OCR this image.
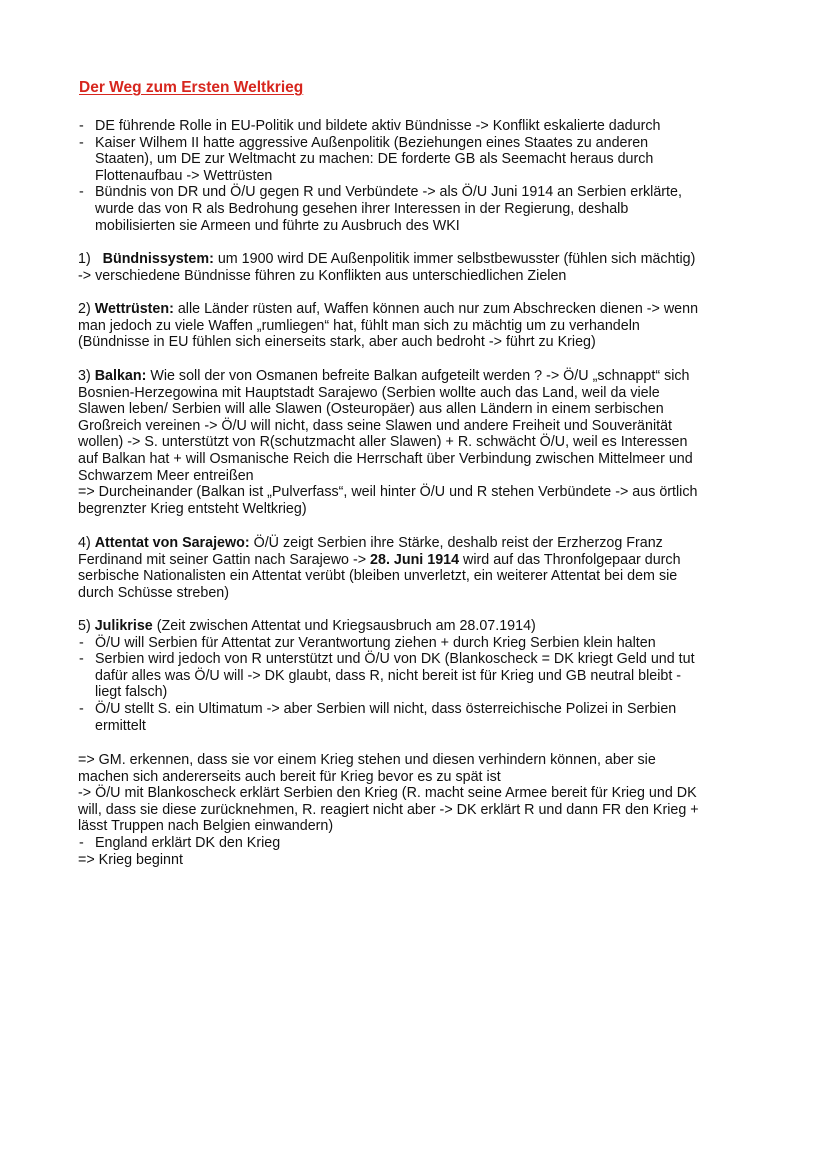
Der Weg zum Ersten Weltkrieg
- DE führende Rolle in EU-Politik und bildete aktiv Bündnisse -> Konflikt eskalierte dadurch
- Kaiser Wilhem II hatte aggressive Außenpolitik (Beziehungen eines Staates zu anderen
Staaten), um DE zur Weltmacht zu machen: DE forderte GB als Seemacht heraus durch
Flottenaufbau -> Wettrüsten
- Bündnis von DR und Ö/U gegen R und Verbündete -> als Ö/U Juni 1914 an Serbien erklärte,
wurde das von R als Bedrohung gesehen ihrer Interessen in der Regierung, deshalb
mobilisierten sie Armeen und führte zu Ausbruch des WKI
1) Bündnissystem: um 1900 wird DE Außenpolitik immer selbstbewusster (fühlen sich mächtig)
-> verschiedene Bündnisse führen zu Konflikten aus unterschiedlichen Zielen
2) Wettrüsten: alle Länder rüsten auf, Waffen können auch nur zum Abschrecken dienen -> wenn
man jedoch zu viele Waffen „rumliegen“ hat, fühlt man sich zu mächtig um zu verhandeln
(Bündnisse in EU fühlen sich einerseits stark, aber auch bedroht -> führt zu Krieg)
3) Balkan: Wie soll der von Osmanen befreite Balkan aufgeteilt werden ? -> Ö/U „schnappt“ sich
Bosnien-Herzegowina mit Hauptstadt Sarajewo (Serbien wollte auch das Land, weil da viele
Slawen leben/ Serbien will alle Slawen (Osteuropäer) aus allen Ländern in einem serbischen
Großreich vereinen -> Ö/U will nicht, dass seine Slawen und andere Freiheit und Souveränität
wollen) -> S. unterstützt von R(schutzmacht aller Slawen) + R. schwächt Ö/U, weil es Interessen
auf Balkan hat + will Osmanische Reich die Herrschaft über Verbindung zwischen Mittelmeer und
Schwarzem Meer entreißen
=> Durcheinander (Balkan ist „Pulverfass“, weil hinter Ö/U und R stehen Verbündete -> aus örtlich
begrenzter Krieg entsteht Weltkrieg)
4) Attentat von Sarajewo: Ö/Ü zeigt Serbien ihre Stärke, deshalb reist der Erzherzog Franz
Ferdinand mit seiner Gattin nach Sarajewo -> 28. Juni 1914 wird auf das Thronfolgepaar durch
serbische Nationalisten ein Attentat verübt (bleiben unverletzt, ein weiterer Attentat bei dem sie
durch Schüsse streben)
5) Julikrise (Zeit zwischen Attentat und Kriegsausbruch am 28.07.1914)
- Ö/U will Serbien für Attentat zur Verantwortung ziehen + durch Krieg Serbien klein halten
- Serbien wird jedoch von R unterstützt und Ö/U von DK (Blankoscheck = DK kriegt Geld und tut
dafür alles was Ö/U will -> DK glaubt, dass R, nicht bereit ist für Krieg und GB neutral bleibt -
liegt falsch)
- Ö/U stellt S. ein Ultimatum -> aber Serbien will nicht, dass österreichische Polizei in Serbien
ermittelt
=> GM. erkennen, dass sie vor einem Krieg stehen und diesen verhindern können, aber sie
machen sich andererseits auch bereit für Krieg bevor es zu spät ist
-> Ö/U mit Blankoscheck erklärt Serbien den Krieg (R. macht seine Armee bereit für Krieg und DK
will, dass sie diese zurücknehmen, R. reagiert nicht aber -> DK erklärt R und dann FR den Krieg +
lässt Truppen nach Belgien einwandern)
- England erklärt DK den Krieg
=> Krieg beginnt
